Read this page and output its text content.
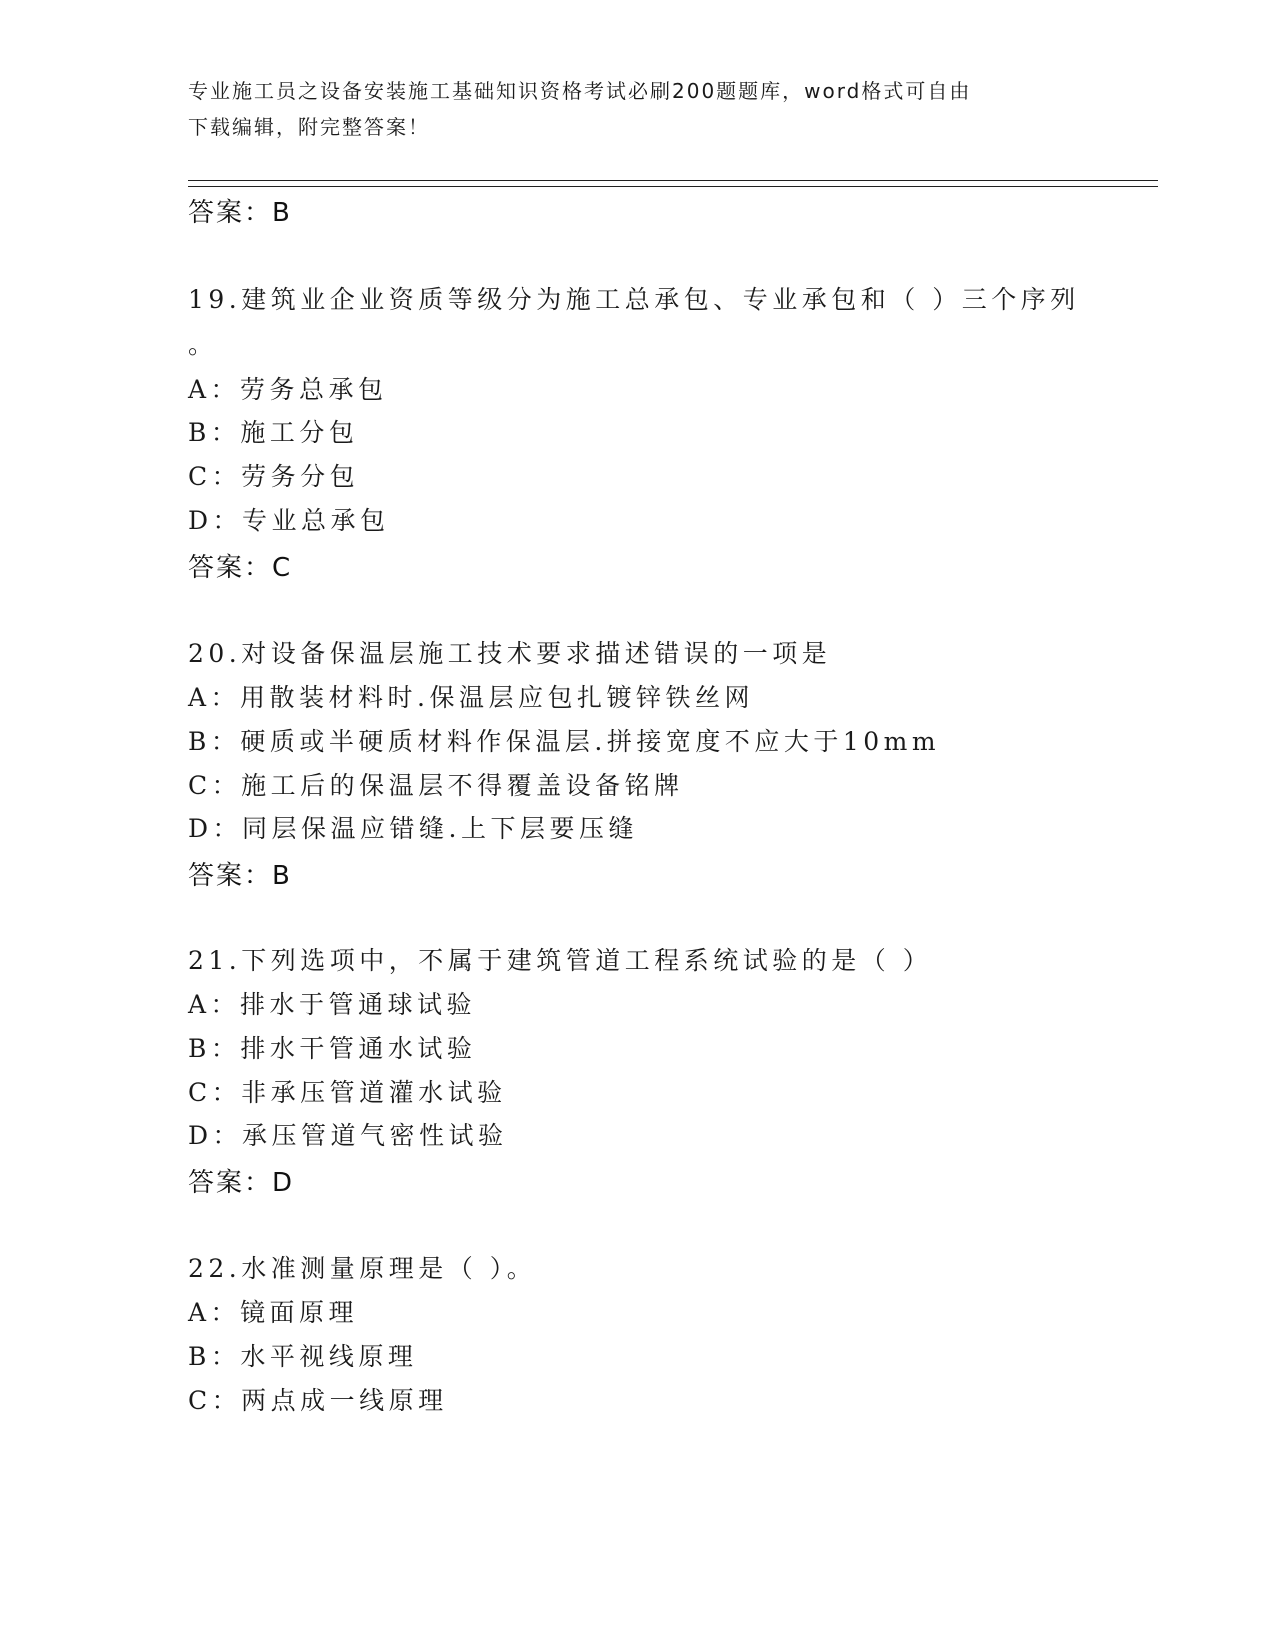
专业施工员之设备安装施工基础知识资格考试必刷200题题库，word格式可自由
下载编辑，附完整答案！
答案：B
19.建筑业企业资质等级分为施工总承包、专业承包和（ ）三个序列
。
A：劳务总承包
B：施工分包
C：劳务分包
D：专业总承包
答案：C
20.对设备保温层施工技术要求描述错误的一项是
A：用散装材料时.保温层应包扎镀锌铁丝网
B：硬质或半硬质材料作保温层.拼接宽度不应大于10mm
C：施工后的保温层不得覆盖设备铭牌
D：同层保温应错缝.上下层要压缝
答案：B
21.下列选项中，不属于建筑管道工程系统试验的是（ ）
A：排水于管通球试验
B：排水干管通水试验
C：非承压管道灌水试验
D：承压管道气密性试验
答案：D
22.水准测量原理是（ ）。
A：镜面原理
B：水平视线原理
C：两点成一线原理
